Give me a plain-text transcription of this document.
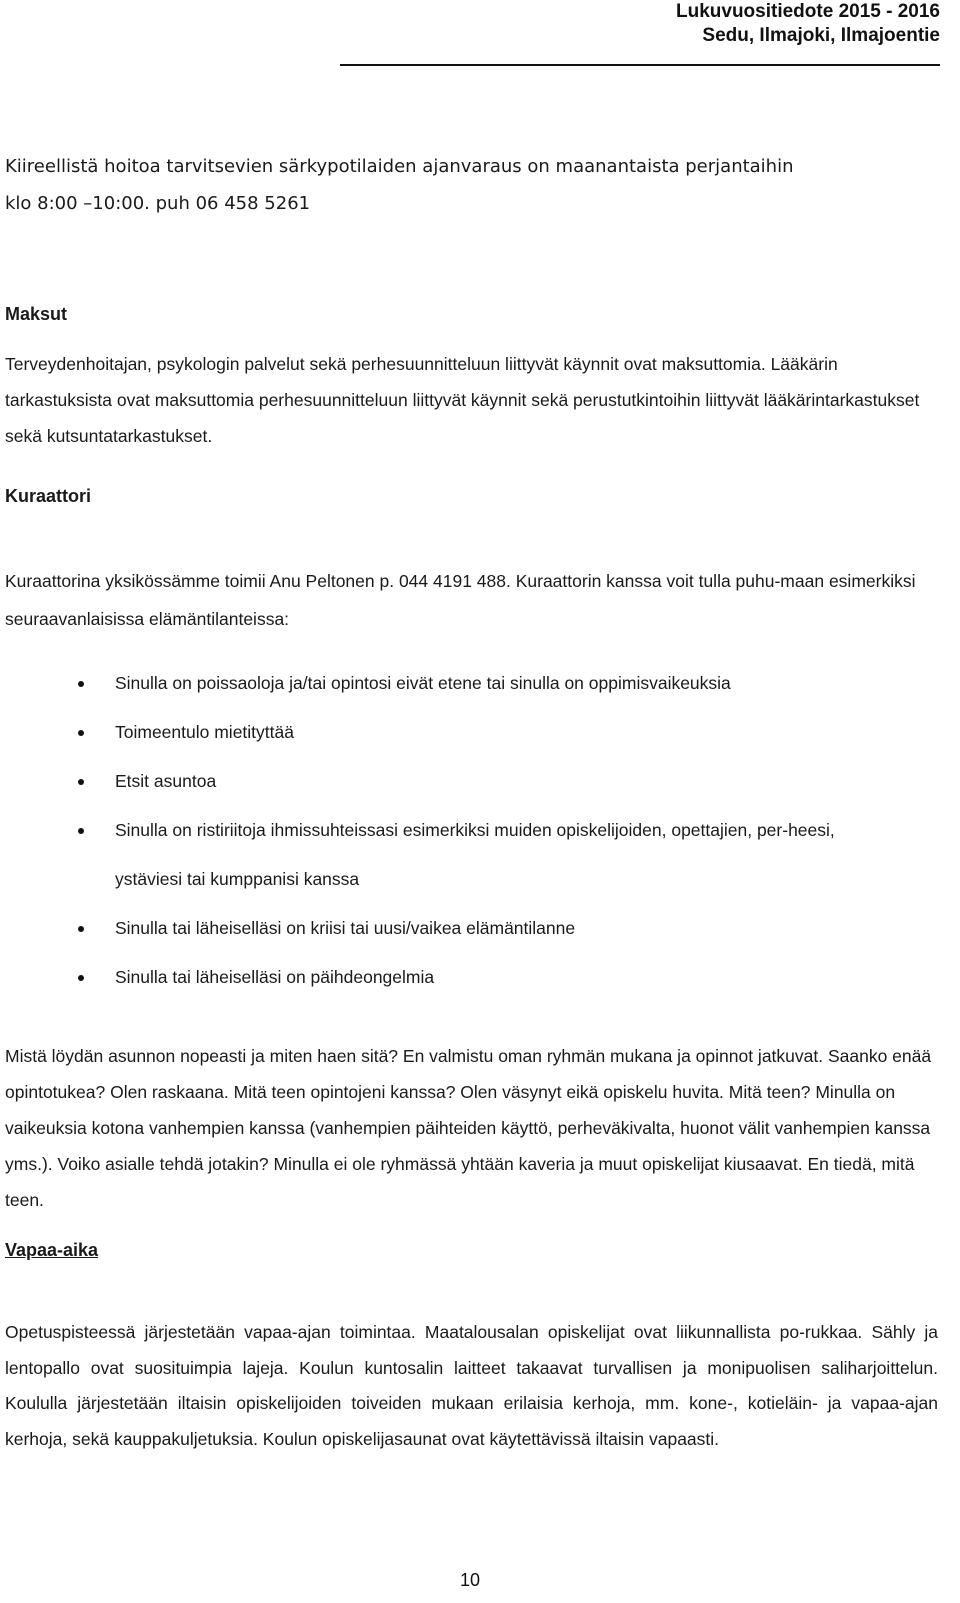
Lukuvuositiedote 2015 - 2016
Sedu, Ilmajoki, Ilmajoentie
Kiireellistä hoitoa tarvitsevien särkypotilaiden ajanvaraus on maanantaista perjantaihin
klo 8:00 –10:00. puh 06 458 5261
Maksut
Terveydenhoitajan, psykologin palvelut sekä perhesuunnitteluun liittyvät käynnit ovat maksuttomia. Lääkärin tarkastuksista ovat maksuttomia perhesuunnitteluun liittyvät käynnit sekä perustutkintoihin liittyvät lääkärintarkastukset sekä kutsuntatarkastukset.
Kuraattori
Kuraattorina yksikössämme toimii Anu Peltonen p. 044 4191 488. Kuraattorin kanssa voit tulla puhu-maan esimerkiksi seuraavanlaisissa elämäntilanteissa:
Sinulla on poissaoloja ja/tai opintosi eivät etene tai sinulla on oppimisvaikeuksia
Toimeentulo mietityttää
Etsit asuntoa
Sinulla on ristiriitoja ihmissuhteissasi esimerkiksi muiden opiskelijoiden, opettajien, per-heesi, ystäviesi tai kumppanisi kanssa
Sinulla tai läheiselläsi on kriisi tai uusi/vaikea elämäntilanne
Sinulla tai läheiselläsi on päihdeongelmia
Mistä löydän asunnon nopeasti ja miten haen sitä? En valmistu oman ryhmän mukana ja opinnot jatkuvat. Saanko enää opintotukea? Olen raskaana. Mitä teen opintojeni kanssa? Olen väsynyt eikä opiskelu huvita. Mitä teen? Minulla on vaikeuksia kotona vanhempien kanssa (vanhempien päihteiden käyttö, perheväkivalta, huonot välit vanhempien kanssa yms.). Voiko asialle tehdä jotakin? Minulla ei ole ryhmässä yhtään kaveria ja muut opiskelijat kiusaavat. En tiedä, mitä teen.
Vapaa-aika
Opetuspisteessä järjestetään vapaa-ajan toimintaa. Maatalousalan opiskelijat ovat liikunnallista po-rukkaa. Sähly ja lentopallo ovat suosituimpia lajeja. Koulun kuntosalin laitteet takaavat turvallisen ja monipuolisen saliharjoittelun. Koululla järjestetään iltaisin opiskelijoiden toiveiden mukaan erilaisia kerhoja, mm. kone-, kotieläin- ja vapaa-ajan kerhoja, sekä kauppakuljetuksia. Koulun opiskelijasaunat ovat käytettävissä iltaisin vapaasti.
10
